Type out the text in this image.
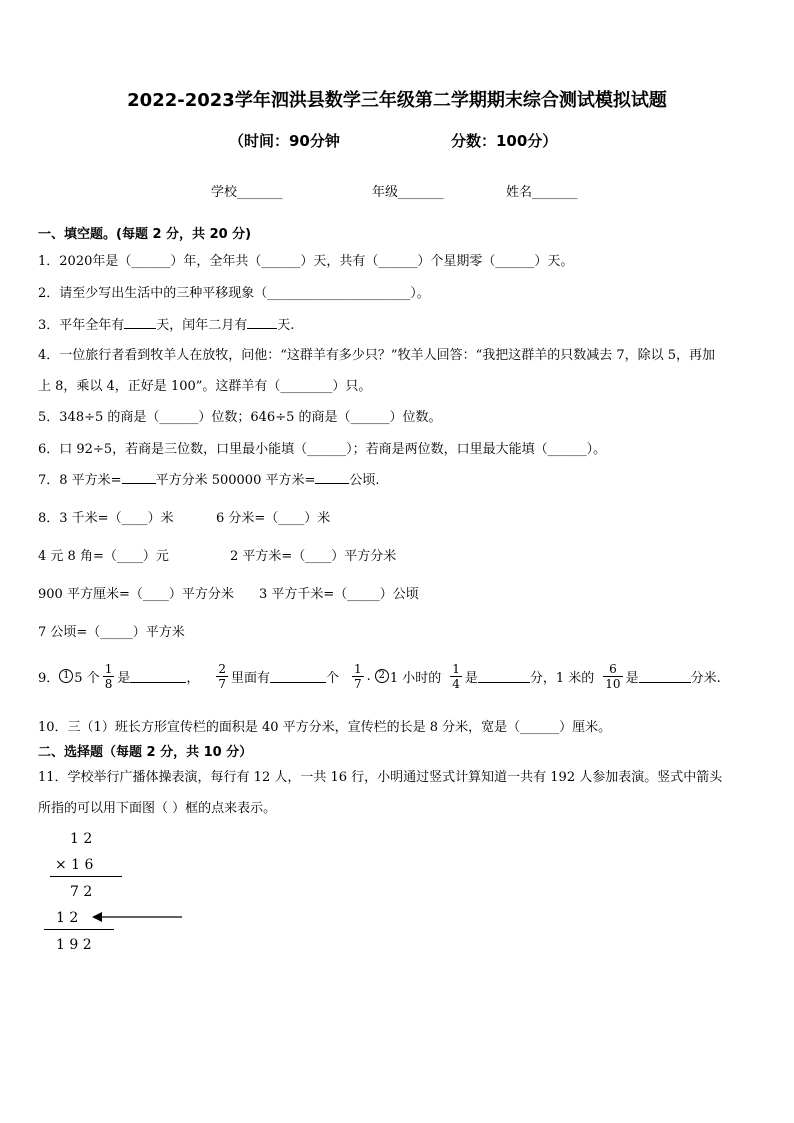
2022-2023学年泗洪县数学三年级第二学期期末综合测试模拟试题
（时间：90分钟	分数：100分）
学校_______	年级_______	姓名_______
一、填空题。(每题 2 分，共 20 分)
1．2020年是（______）年，全年共（______）天，共有（______）个星期零（______）天。
2．请至少写出生活中的三种平移现象（______________________）。
3．平年全年有 天，闰年二月有 天.
4．一位旅行者看到牧羊人在放牧，问他：“这群羊有多少只？”牧羊人回答：“我把这群羊的只数减去 7，除以 5，再加
上 8，乘以 4，正好是 100”。这群羊有（________）只。
5．348÷5 的商是（______）位数；646÷5 的商是（______）位数。
6．口 92÷5，若商是三位数，口里最小能填（______）；若商是两位数，口里最大能填（______）。
7．8 平方米=	平方分米 500000 平方米=	公顷.
8．3 千米=（____）米	6 分米=（____）米
4 元 8 角=（____）元	2 平方米=（____）平方分米
900 平方厘米=（____）平方分米 3 平方千米=（_____）公顷
7 公顷=（_____）平方米
9． 1 5 个 $\frac{1}{8}$ 是	， $\frac{2}{7}$ 里面有	个 $\frac{1}{7}$ . 2 1 小时的 $\frac{1}{4}$ 是	分，1 米的 $\frac{6}{10}$ 是	分米.
10．三（1）班长方形宣传栏的面积是 40 平方分米，宣传栏的长是 8 分米，宽是（______）厘米。
二、选择题（每题 2 分，共 10 分）
11．学校举行广播体操表演，每行有 12 人，一共 16 行，小明通过竖式计算知道一共有 192 人参加表演。竖式中箭头
所指的可以用下面图（ ）框的点来表示。
1 2
× 1 6
7 2
1 2
1 9 2
